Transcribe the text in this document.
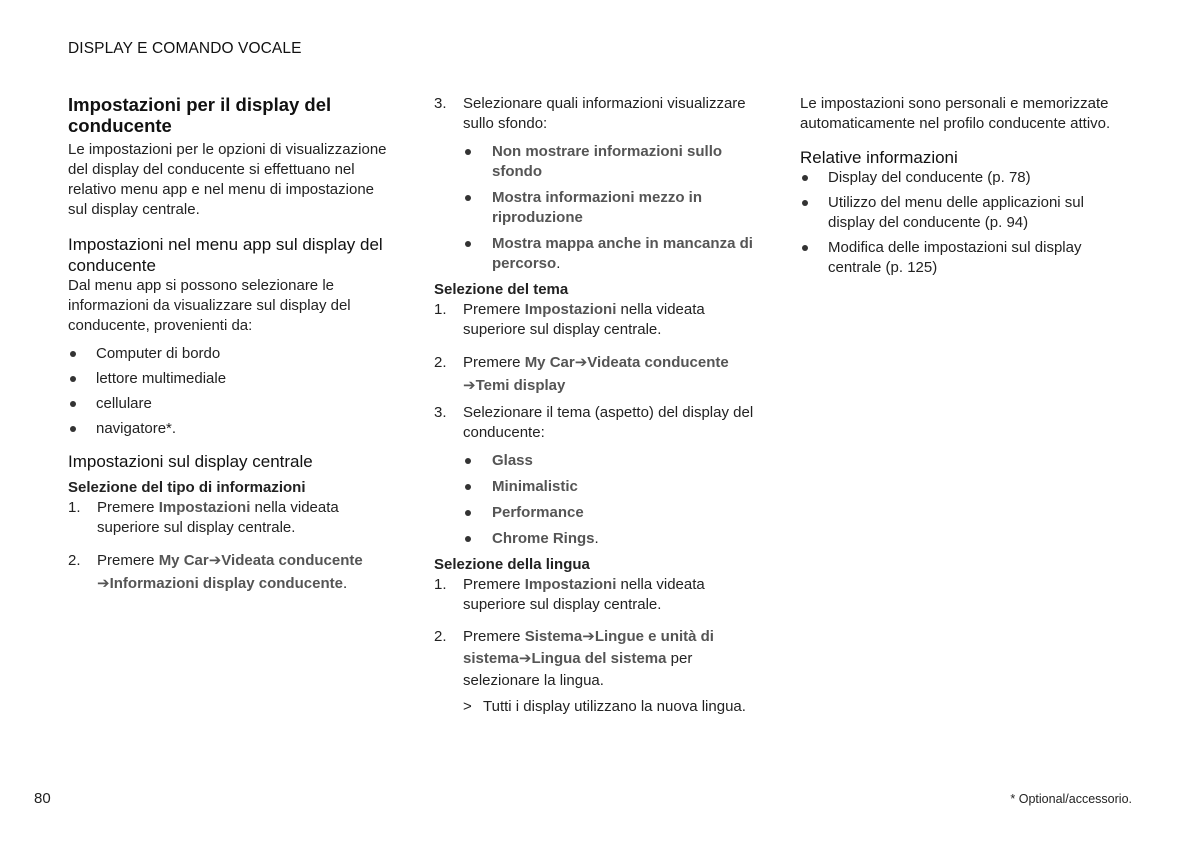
DISPLAY E COMANDO VOCALE
Impostazioni per il display del conducente

Le impostazioni per le opzioni di visualizzazione del display del conducente si effettuano nel relativo menu app e nel menu di impostazione sul display centrale.

Impostazioni nel menu app sul display del conducente

Dal menu app si possono selezionare le informazioni da visualizzare sul display del conducente, provenienti da:

Computer di bordo
lettore multimediale
cellulare
navigatore*.
Impostazioni sul display centrale
Selezione del tipo di informazioni
1. Premere Impostazioni nella videata superiore sul display centrale.
2. Premere My Car➔Videata conducente
➔Informazioni display conducente.
3. Selezionare quali informazioni visualizzare sullo sfondo:
Non mostrare informazioni sullo sfondo
Mostra informazioni mezzo in riproduzione
Mostra mappa anche in mancanza di percorso.
Selezione del tema
1. Premere Impostazioni nella videata superiore sul display centrale.
2. Premere My Car➔Videata conducente
➔Temi display
3. Selezionare il tema (aspetto) del display del conducente:
Glass
Minimalistic
Performance
Chrome Rings.
Selezione della lingua
1. Premere Impostazioni nella videata superiore sul display centrale.
2. Premere Sistema➔Lingue e unità di sistema➔Lingua del sistema per selezionare la lingua.
> Tutti i display utilizzano la nuova lingua.

Le impostazioni sono personali e memorizzate automaticamente nel profilo conducente attivo.

Relative informazioni
Display del conducente (p. 78)
Utilizzo del menu delle applicazioni sul display del conducente (p. 94)
Modifica delle impostazioni sul display centrale (p. 125)
80	* Optional/accessorio.
